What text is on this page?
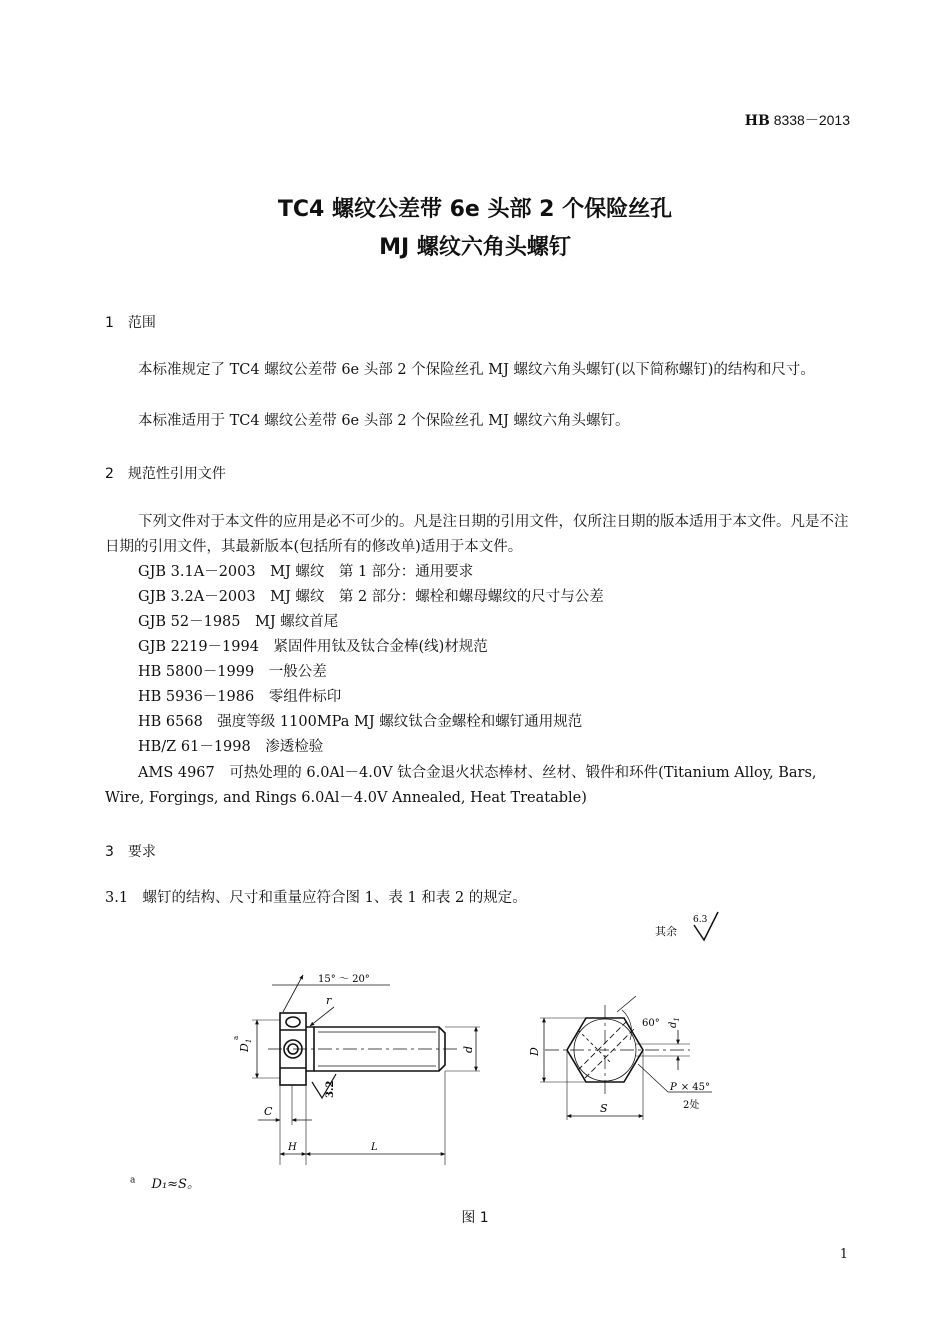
HB 8338－2013
TC4 螺纹公差带 6e 头部 2 个保险丝孔
MJ 螺纹六角头螺钉
1　范围
本标准规定了 TC4 螺纹公差带 6e 头部 2 个保险丝孔 MJ 螺纹六角头螺钉(以下简称螺钉)的结构和尺寸。
本标准适用于 TC4 螺纹公差带 6e 头部 2 个保险丝孔 MJ 螺纹六角头螺钉。
2　规范性引用文件
下列文件对于本文件的应用是必不可少的。凡是注日期的引用文件，仅所注日期的版本适用于本文件。凡是不注日期的引用文件，其最新版本(包括所有的修改单)适用于本文件。
GJB 3.1A－2003　MJ 螺纹　第 1 部分：通用要求
GJB 3.2A－2003　MJ 螺纹　第 2 部分：螺栓和螺母螺纹的尺寸与公差
GJB 52－1985　MJ 螺纹首尾
GJB 2219－1994　紧固件用钛及钛合金棒(线)材规范
HB 5800－1999　一般公差
HB 5936－1986　零组件标印
HB 6568　强度等级 1100MPa MJ 螺纹钛合金螺栓和螺钉通用规范
HB/Z 61－1998　渗透检验
AMS 4967　可热处理的 6.0Al－4.0V 钛合金退火状态棒材、丝材、锻件和环件(Titanium Alloy, Bars, Wire, Forgings, and Rings 6.0Al－4.0V Annealed, Heat Treatable)
3　要求
3.1　螺钉的结构、尺寸和重量应符合图 1、表 1 和表 2 的规定。
其余
6.3
15° ～ 20°
r
$D_1$
a
d
3.2
C
H	L
D
S
60° $d_1$
P × 45°
2处
$^a$ D₁≈S。
图 1
1
